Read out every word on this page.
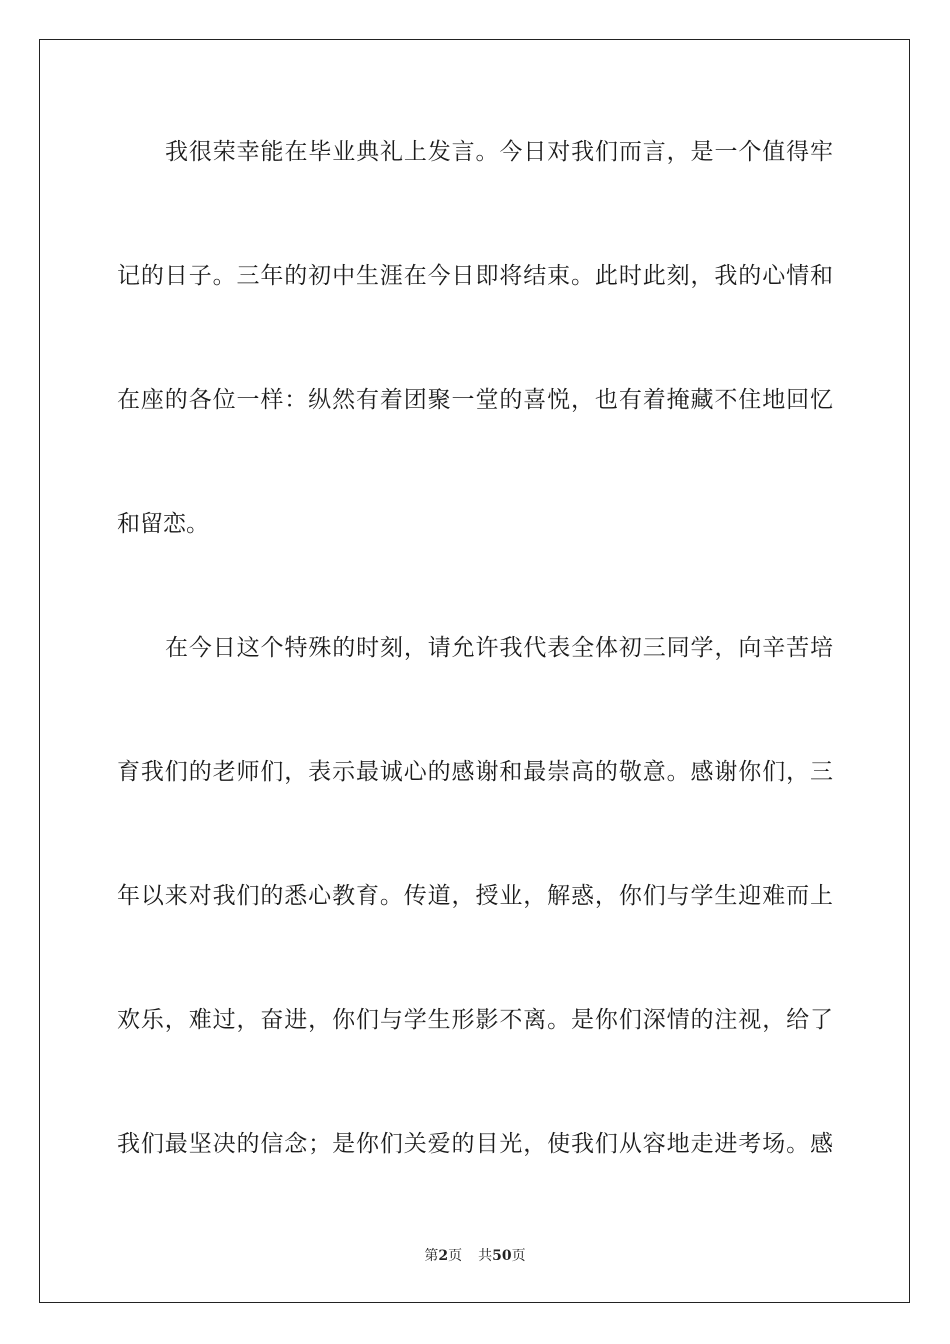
我很荣幸能在毕业典礼上发言。今日对我们而言，是一个值得牢
记的日子。三年的初中生涯在今日即将结束。此时此刻，我的心情和
在座的各位一样：纵然有着团聚一堂的喜悦，也有着掩藏不住地回忆
和留恋。
在今日这个特殊的时刻，请允许我代表全体初三同学，向辛苦培
育我们的老师们，表示最诚心的感谢和最崇高的敬意。感谢你们，三
年以来对我们的悉心教育。传道，授业，解惑，你们与学生迎难而上
欢乐，难过，奋进，你们与学生形影不离。是你们深情的注视，给了
我们最坚决的信念；是你们关爱的目光，使我们从容地走进考场。感
第2页 共50页
